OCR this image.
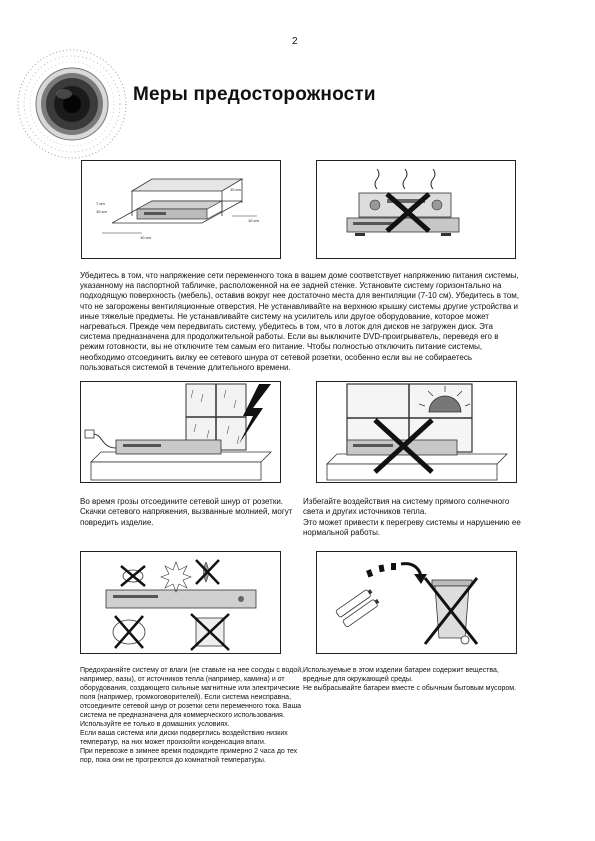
2
Меры предосторожности
10 cm
7 cm
10 cm
10 cm
10 cm

Убедитесь в том, что напряжение сети переменного тока в вашем доме соответствует напряжению питания системы, указанному на паспортной табличке, расположенной на ее задней стенке. Установите систему горизонтально на подходящую поверхность (мебель), оставив вокруг нее достаточно места для вентиляции (7-10 см). Убедитесь в том, что не загорожены вентиляционные отверстия. Не устанавливайте на верхнюю крышку системы другие устройства и иные тяжелые предметы. Не устанавливайте систему на усилитель или другое оборудование, которое может нагреваться. Прежде чем передвигать систему, убедитесь в том, что в лоток для дисков не загружен диск. Эта система предназначена для продолжительной работы. Если вы выключите DVD-проигрыватель, переведя его в режим готовности, вы не отключите тем самым его питание. Чтобы полностью отключить питание системы, необходимо отсоединить вилку ее сетевого шнура от сетевой розетки, особенно если вы не собираетесь пользоваться системой в течение длительного времени.

Во время грозы отсоедините сетевой шнур от розетки.

Скачки сетевого напряжения, вызванные молнией, могут

повредить изделие.

Избегайте воздействия на систему прямого солнечного

света и других источников тепла.

Это может привести к перегреву системы и нарушению ее

нормальной работы.

Предохраняйте систему от влаги (не ставьте на нее сосуды с водой,

например, вазы), от источников тепла (например, камина) и от

оборудования, создающего сильные магнитные или электрические

поля (например, громкоговорителей). Если система неисправна,

отсоедините сетевой шнур от розетки сети переменного тока. Ваша

система не предназначена для коммерческого использования.

Используйте ее только в домашних условиях.

Если ваша система или диски подверглись воздействию низких

температур, на них может произойти конденсация влаги.

При перевозке в зимнее время подождите примерно 2 часа до тех

пор, пока они не прогреются до комнатной температуры.

Используемые в этом изделии батареи содержит вещества,

вредные для окружающей среды.

Не выбрасывайте батареи вместе с обычным бытовым мусором.
